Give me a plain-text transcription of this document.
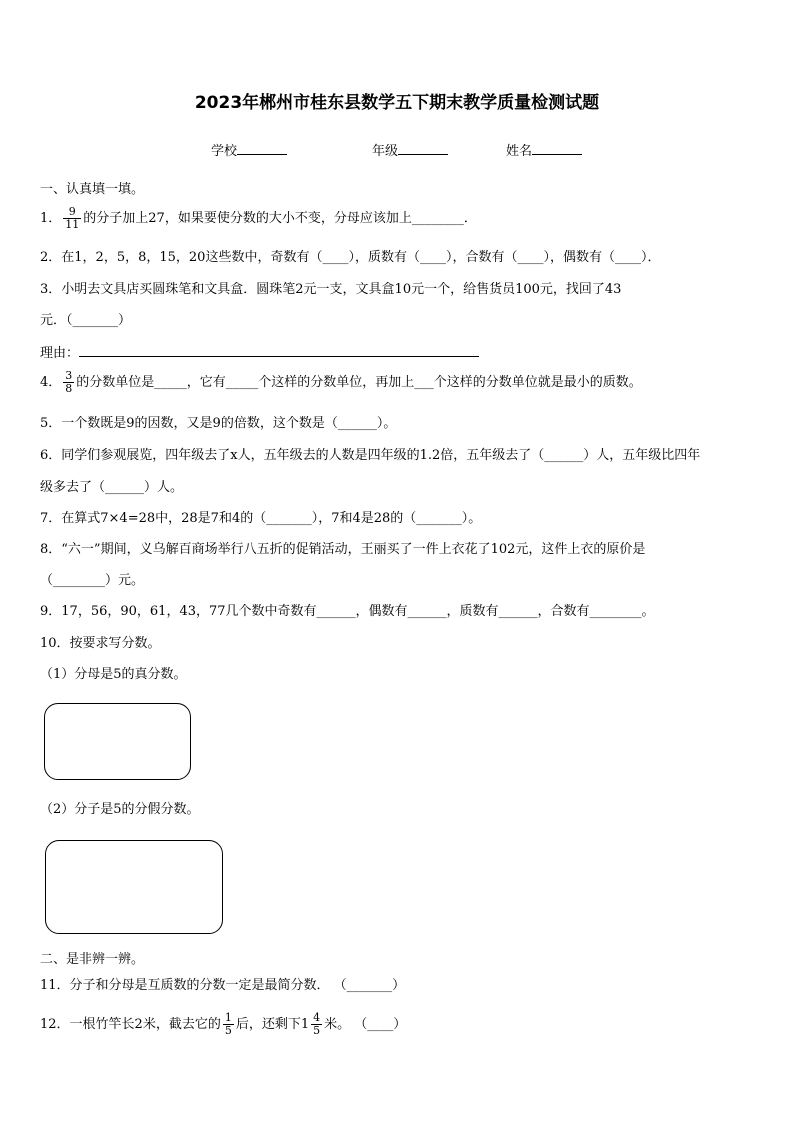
2023年郴州市桂东县数学五下期末教学质量检测试题
学校	年级	姓名
一、认真填一填。
1． $\frac{9}{11}$ 的分子加上27，如果要使分数的大小不变，分母应该加上________．
2．在1，2，5，8，15，20这些数中，奇数有（____），质数有（____），合数有（____），偶数有（____）．
3．小明去文具店买圆珠笔和文具盒．圆珠笔2元一支，文具盒10元一个，给售货员100元，找回了43
元．（_______）
理由：
4． $\frac{3}{8}$ 的分数单位是_____，它有_____个这样的分数单位，再加上___个这样的分数单位就是最小的质数。
5．一个数既是9的因数，又是9的倍数，这个数是（______）。
6．同学们参观展览，四年级去了x人，五年级去的人数是四年级的1.2倍，五年级去了（______）人，五年级比四年
级多去了（______）人。
7．在算式7×4=28中，28是7和4的（_______），7和4是28的（_______）。
8．“六一”期间，义乌解百商场举行八五折的促销活动，王丽买了一件上衣花了102元，这件上衣的原价是
（________）元。
9．17，56，90，61，43，77几个数中奇数有______，偶数有______，质数有______，合数有________。
10．按要求写分数。
（1）分母是5的真分数。
（2）分子是5的分假分数。
二、是非辨一辨。
11．分子和分母是互质数的分数一定是最简分数． （_______）
12．一根竹竿长2米，截去它的 $\frac{1}{5}$ 后，还剩下$1 \frac{4}{5}$ 米。 （____）
